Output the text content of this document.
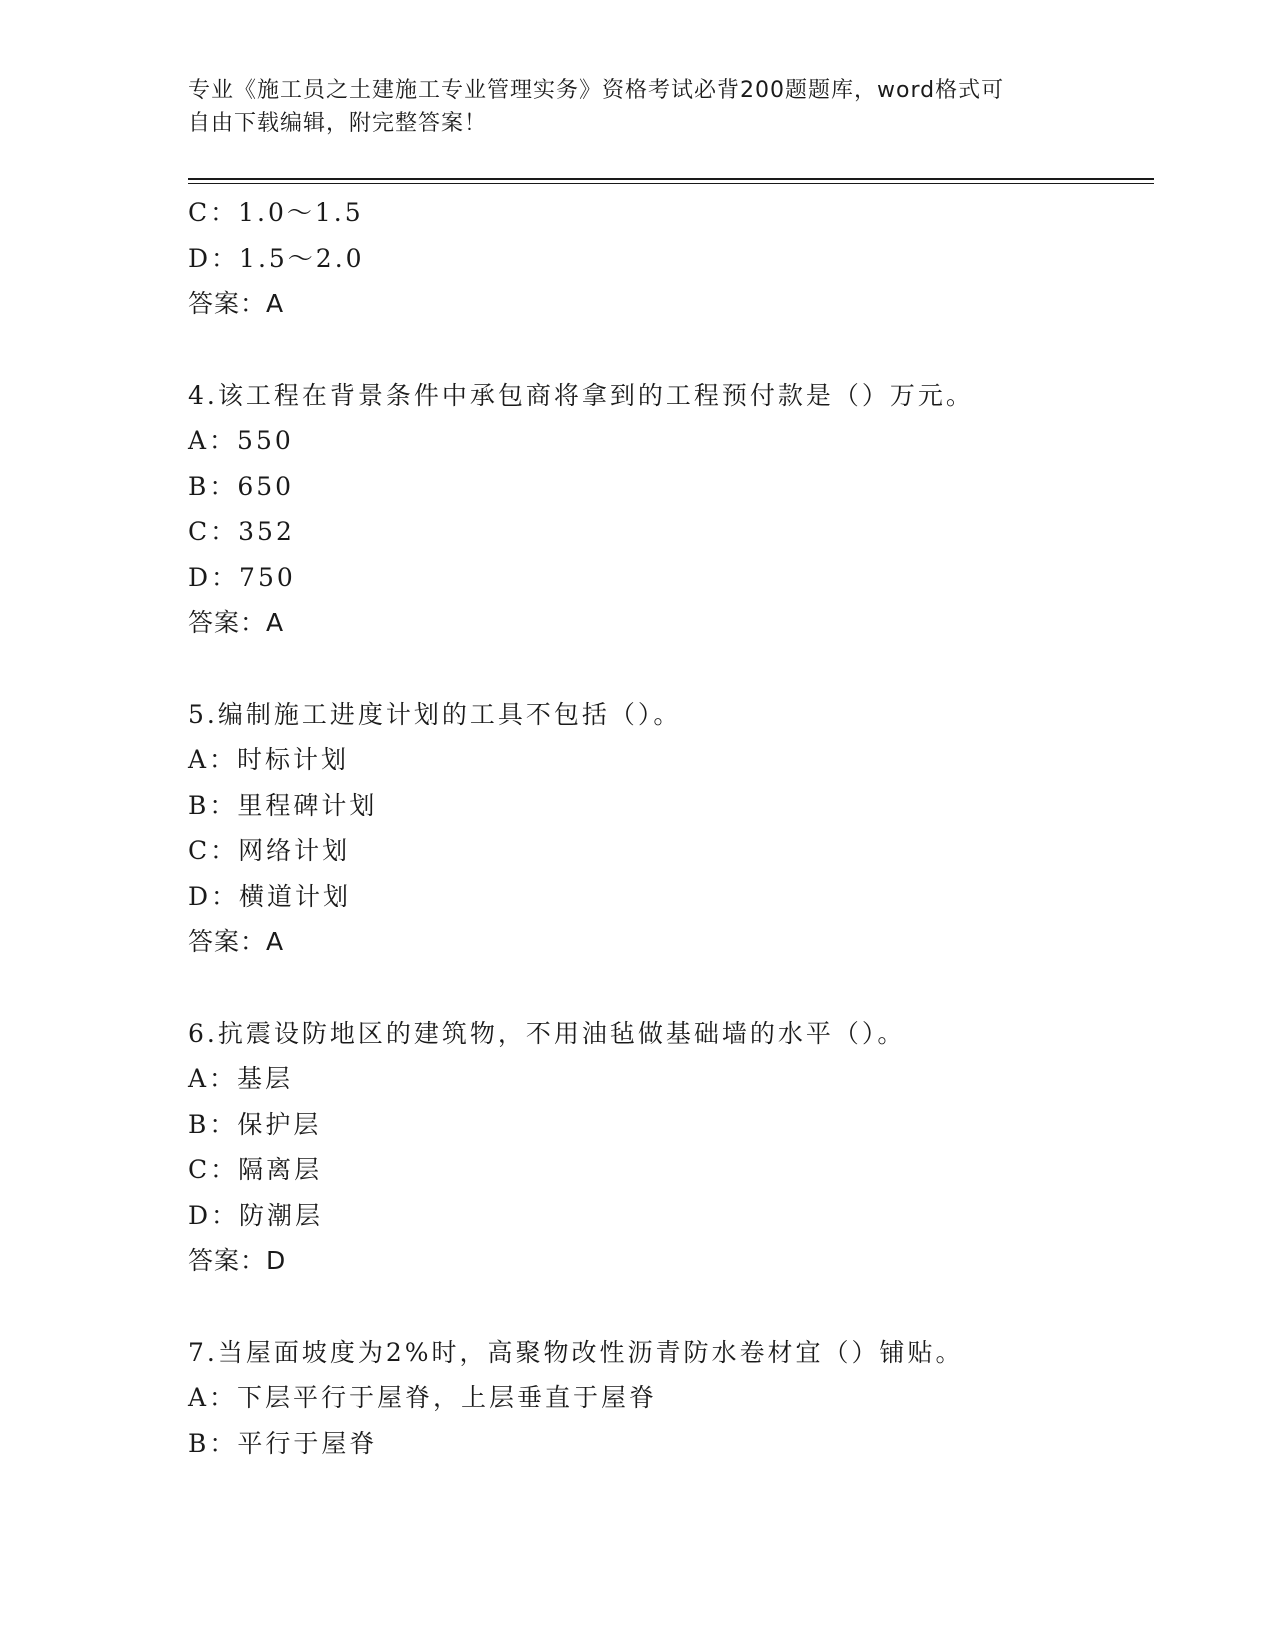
专业《施工员之土建施工专业管理实务》资格考试必背200题题库，word格式可
自由下载编辑，附完整答案！
C：1.0～1.5
D：1.5～2.0
答案：A
4.该工程在背景条件中承包商将拿到的工程预付款是（）万元。
A：550
B：650
C：352
D：750
答案：A
5.编制施工进度计划的工具不包括（）。
A：时标计划
B：里程碑计划
C：网络计划
D：横道计划
答案：A
6.抗震设防地区的建筑物，不用油毡做基础墙的水平（）。
A：基层
B：保护层
C：隔离层
D：防潮层
答案：D
7.当屋面坡度为2%时，高聚物改性沥青防水卷材宜（）铺贴。
A：下层平行于屋脊，上层垂直于屋脊
B：平行于屋脊
